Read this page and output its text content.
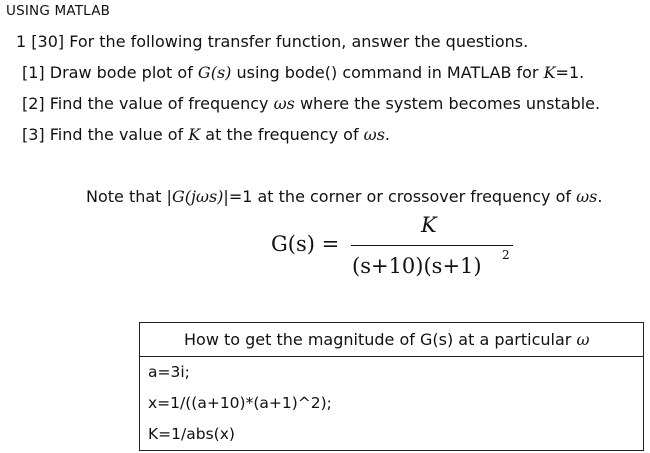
USING MATLAB
1 [30] For the following transfer function, answer the questions.
[1] Draw bode plot of G(s) using bode() command in MATLAB for K=1.
[2] Find the value of frequency ωs where the system becomes unstable.
[3] Find the value of K at the frequency of ωs.
Note that |G(jωs)|=1 at the corner or crossover frequency of ωs.
G(s) =
K
(s+10)(s+1) 2
How to get the magnitude of G(s) at a particular ω
a=3i;
x=1/((a+10)*(a+1)^2);
K=1/abs(x)
